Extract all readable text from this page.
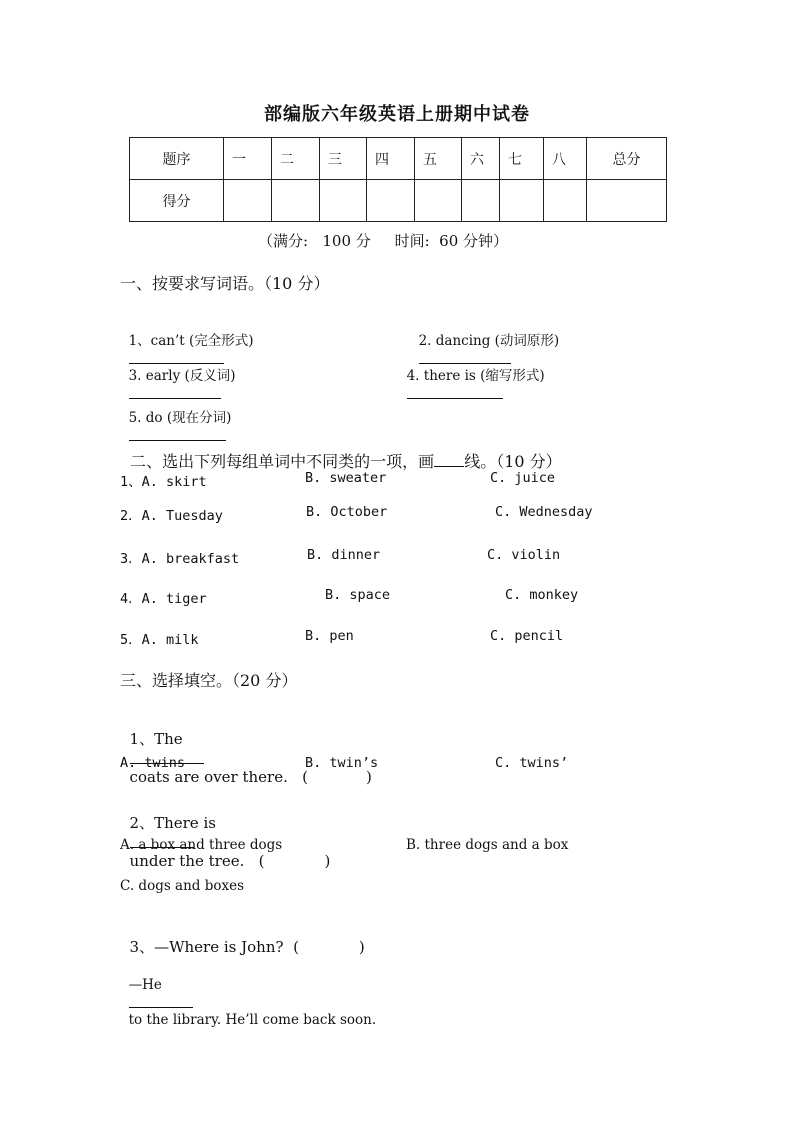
部编版六年级英语上册期中试卷
题序	一	二	三	四	五	六	七	八	总分
得分									
（满分:   100 分     时间:  60 分钟）
一、按要求写词语。（10 分）

1、can’t (完全形式)
	2. dancing (动词原形)

3. early (反义词)
	4. there is (缩写形式)

5. do (现在分词)

二、选出下列每组单词中不同类的一项，画 线。（10 分）

1、A. skirt	B. sweater	C. juice
2．A. Tuesday	B. October	C. Wednesday
3．A. breakfast	B. dinner	C. violin
4．A. tiger	B. space	C. monkey
5．A. milk	B. pen	C. pencil
三、选择填空。（20 分）

1、The

coats are over there.   (	)

A. twins	B. twin’s	C. twins’

2、There is

under the tree.   (	)

A. a box and three dogs	B. three dogs and a box
C. dogs and boxes

3、—Where is John?  (	)

—He

to the library. He’ll come back soon.
